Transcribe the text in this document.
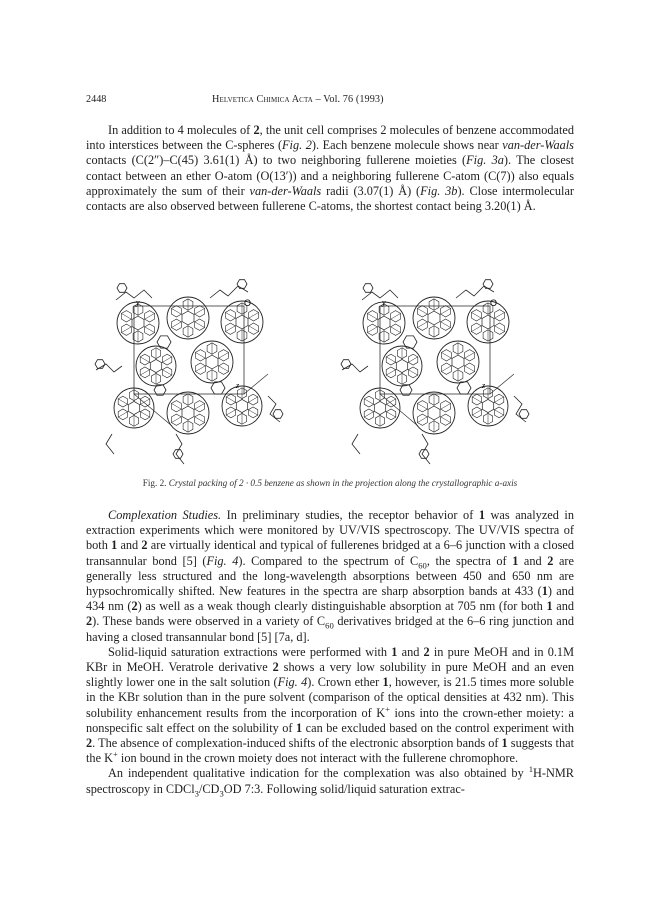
2448	Helvetica Chimica Acta – Vol. 76 (1993)

In addition to 4 molecules of 2, the unit cell comprises 2 molecules of benzene accommodated into interstices between the C-spheres (Fig. 2). Each benzene molecule shows near van-der-Waals contacts (C(2″)–C(45) 3.61(1) Å) to two neighboring fullerene moieties (Fig. 3a). The closest contact between an ether O-atom (O(13′)) and a neighboring fullerene C-atom (C(7)) also equals approximately the sum of their van-der-Waals radii (3.07(1) Å) (Fig. 3b). Close intermolecular contacts are also observed between fullerene C-atoms, the shortest contact being 3.20(1) Å.

O
y
z
O
y
z
Fig. 2. Crystal packing of 2 · 0.5 benzene as shown in the projection along the crystallographic a-axis

Complexation Studies. In preliminary studies, the receptor behavior of 1 was analyzed in extraction experiments which were monitored by UV/VIS spectroscopy. The UV/VIS spectra of both 1 and 2 are virtually identical and typical of fullerenes bridged at a 6–6 junction with a closed transannular bond [5] (Fig. 4). Compared to the spectrum of $C_{60}$, the spectra of 1 and 2 are generally less structured and the long-wavelength absorptions between 450 and 650 nm are hypsochromically shifted. New features in the spectra are sharp absorption bands at 433 (1) and 434 nm (2) as well as a weak though clearly distinguishable absorption at 705 nm (for both 1 and 2). These bands were observed in a variety of $C_{60}$ derivatives bridged at the 6–6 ring junction and having a closed transannular bond [5] [7a, d].

Solid-liquid saturation extractions were performed with 1 and 2 in pure MeOH and in 0.1M KBr in MeOH. Veratrole derivative 2 shows a very low solubility in pure MeOH and an even slightly lower one in the salt solution (Fig. 4). Crown ether 1, however, is 21.5 times more soluble in the KBr solution than in the pure solvent (comparison of the optical densities at 432 nm). This solubility enhancement results from the incorporation of K+ ions into the crown-ether moiety: a nonspecific salt effect on the solubility of 1 can be excluded based on the control experiment with 2. The absence of complexation-induced shifts of the electronic absorption bands of 1 suggests that the K+ ion bound in the crown moiety does not interact with the fullerene chromophore.

An independent qualitative indication for the complexation was also obtained by $^1$H-NMR spectroscopy in $CDCl_3/CD_3OD$ 7:3. Following solid/liquid saturation extrac-
